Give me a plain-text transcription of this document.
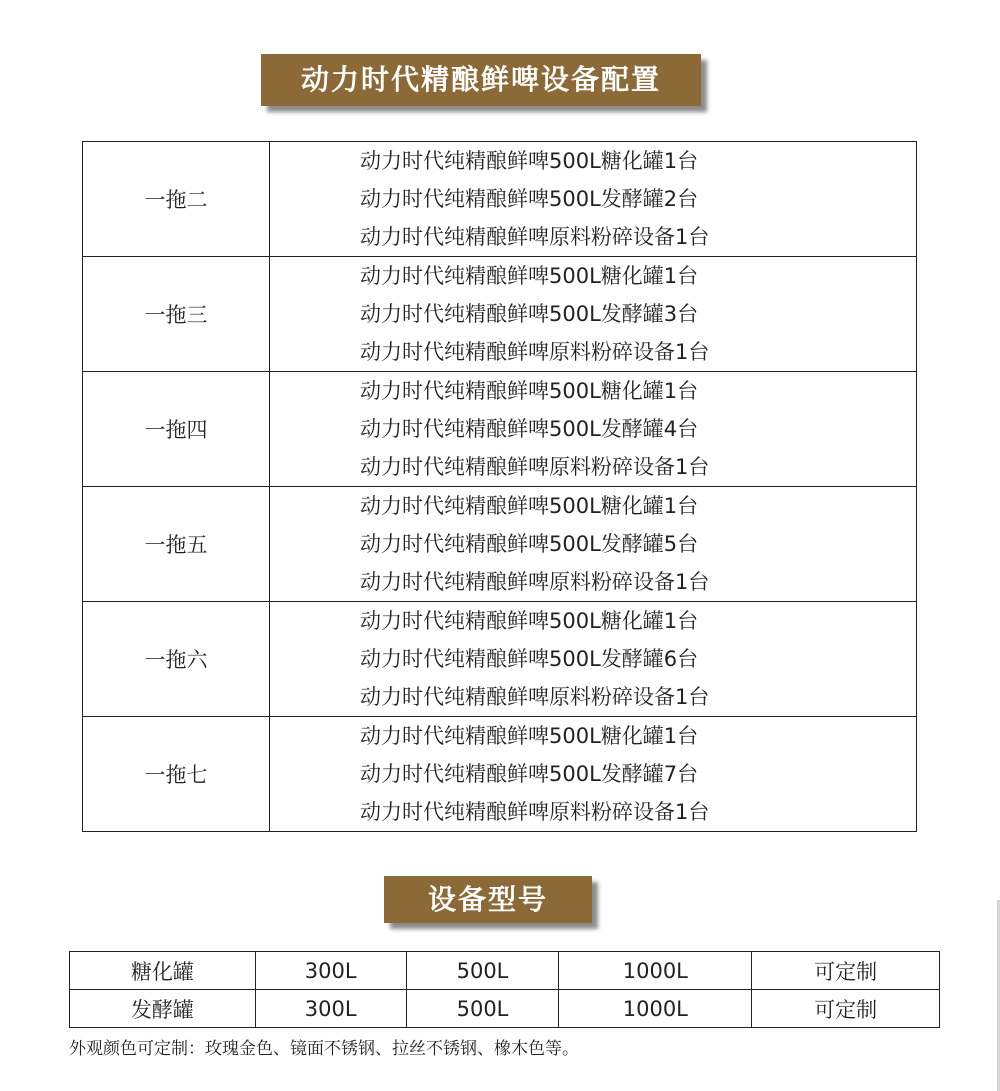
动力时代精酿鲜啤设备配置
一拖二	动力时代纯精酿鲜啤500L糖化罐1台
动力时代纯精酿鲜啤500L发酵罐2台
动力时代纯精酿鲜啤原料粉碎设备1台

一拖三	动力时代纯精酿鲜啤500L糖化罐1台
动力时代纯精酿鲜啤500L发酵罐3台
动力时代纯精酿鲜啤原料粉碎设备1台

一拖四	动力时代纯精酿鲜啤500L糖化罐1台
动力时代纯精酿鲜啤500L发酵罐4台
动力时代纯精酿鲜啤原料粉碎设备1台

一拖五	动力时代纯精酿鲜啤500L糖化罐1台
动力时代纯精酿鲜啤500L发酵罐5台
动力时代纯精酿鲜啤原料粉碎设备1台

一拖六	动力时代纯精酿鲜啤500L糖化罐1台
动力时代纯精酿鲜啤500L发酵罐6台
动力时代纯精酿鲜啤原料粉碎设备1台

一拖七	动力时代纯精酿鲜啤500L糖化罐1台
动力时代纯精酿鲜啤500L发酵罐7台
动力时代纯精酿鲜啤原料粉碎设备1台
设备型号
糖化罐	300L	500L	1000L	可定制
发酵罐	300L	500L	1000L	可定制
外观颜色可定制：玫瑰金色、镜面不锈钢、拉丝不锈钢、橡木色等。
